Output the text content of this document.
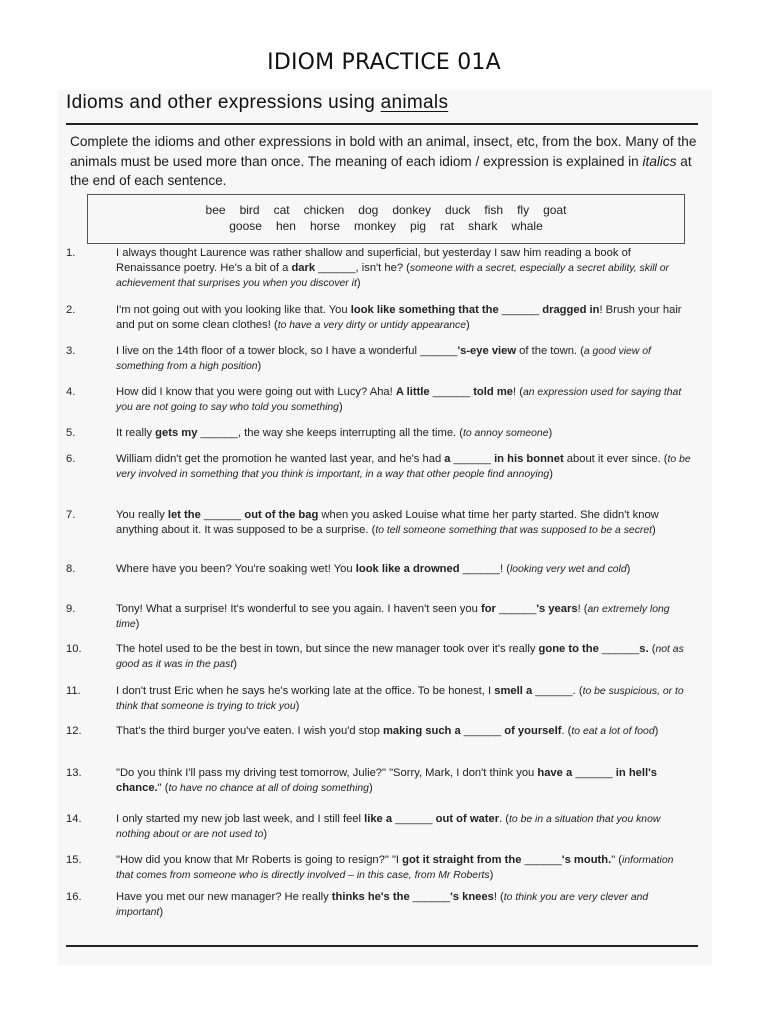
IDIOM PRACTICE 01A
Idioms and other expressions using animals
Complete the idioms and other expressions in bold with an animal, insect, etc, from the box. Many of the animals must be used more than once. The meaning of each idiom / expression is explained in italics at the end of each sentence.
bee bird cat chicken dog donkey duck fish fly goat
goose hen horse monkey pig rat shark whale
1.	I always thought Laurence was rather shallow and superficial, but yesterday I saw him reading a book of Renaissance poetry. He's a bit of a dark ______, isn't he? (someone with a secret, especially a secret ability, skill or achievement that surprises you when you discover it)
2.	I'm not going out with you looking like that. You look like something that the ______ dragged in! Brush your hair and put on some clean clothes! (to have a very dirty or untidy appearance)
3.	I live on the 14th floor of a tower block, so I have a wonderful ______'s-eye view of the town. (a good view of something from a high position)
4.	How did I know that you were going out with Lucy? Aha! A little ______ told me! (an expression used for saying that you are not going to say who told you something)
5.	It really gets my ______, the way she keeps interrupting all the time. (to annoy someone)
6.	William didn't get the promotion he wanted last year, and he's had a ______ in his bonnet about it ever since. (to be very involved in something that you think is important, in a way that other people find annoying)
7.	You really let the ______ out of the bag when you asked Louise what time her party started. She didn't know anything about it. It was supposed to be a surprise. (to tell someone something that was supposed to be a secret)
8.	Where have you been? You're soaking wet! You look like a drowned ______! (looking very wet and cold)
9.	Tony! What a surprise! It's wonderful to see you again. I haven't seen you for ______'s years! (an extremely long time)
10.	The hotel used to be the best in town, but since the new manager took over it's really gone to the ______s. (not as good as it was in the past)
11.	I don't trust Eric when he says he's working late at the office. To be honest, I smell a ______. (to be suspicious, or to think that someone is trying to trick you)
12.	That's the third burger you've eaten. I wish you'd stop making such a ______ of yourself. (to eat a lot of food)
13.	"Do you think I'll pass my driving test tomorrow, Julie?" "Sorry, Mark, I don't think you have a ______ in hell's chance." (to have no chance at all of doing something)
14.	I only started my new job last week, and I still feel like a ______ out of water. (to be in a situation that you know nothing about or are not used to)
15.	"How did you know that Mr Roberts is going to resign?" "I got it straight from the ______'s mouth." (information that comes from someone who is directly involved – in this case, from Mr Roberts)
16.	Have you met our new manager? He really thinks he's the ______'s knees! (to think you are very clever and important)
